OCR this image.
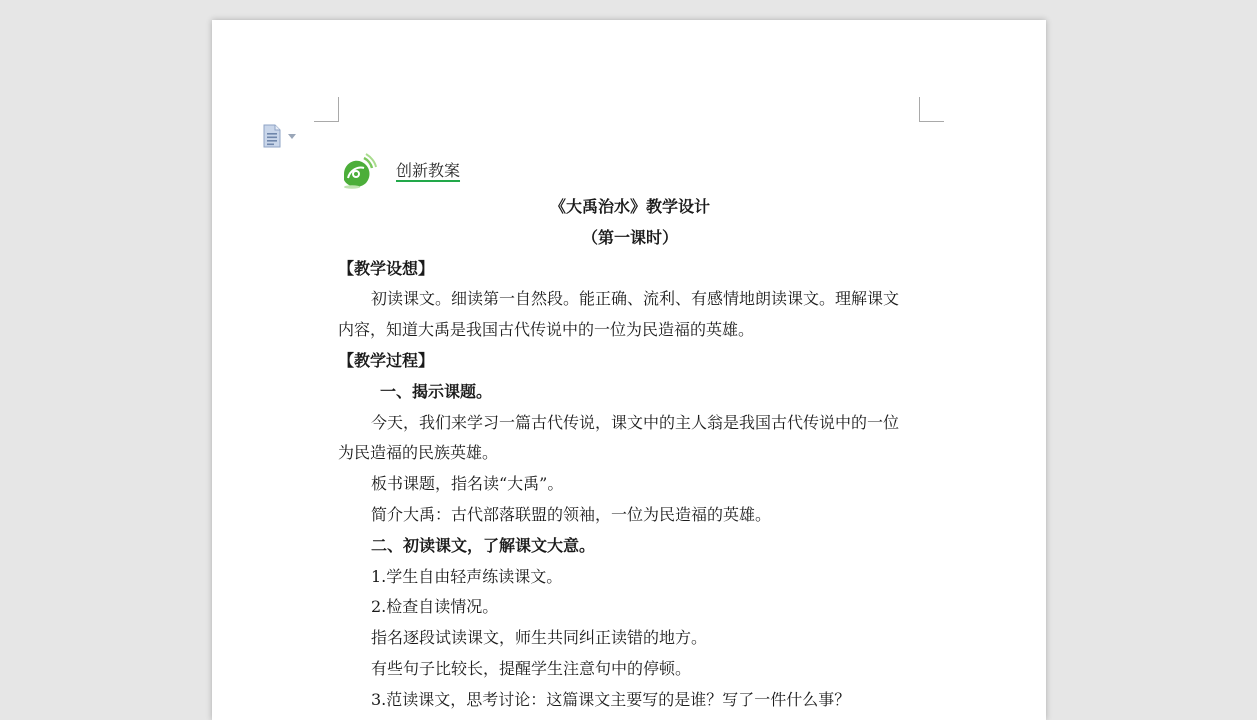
创新教案
《大禹治水》教学设计
（第一课时）
【教学设想】
初读课文。细读第一自然段。能正确、流利、有感情地朗读课文。理解课文
内容，知道大禹是我国古代传说中的一位为民造福的英雄。
【教学过程】
一、揭示课题。
今天，我们来学习一篇古代传说，课文中的主人翁是我国古代传说中的一位
为民造福的民族英雄。
板书课题，指名读“大禹”。
简介大禹：古代部落联盟的领袖，一位为民造福的英雄。
二、初读课文，了解课文大意。
1.学生自由轻声练读课文。
2.检查自读情况。
指名逐段试读课文，师生共同纠正读错的地方。
有些句子比较长，提醒学生注意句中的停顿。
3.范读课文，思考讨论：这篇课文主要写的是谁？写了一件什么事？
